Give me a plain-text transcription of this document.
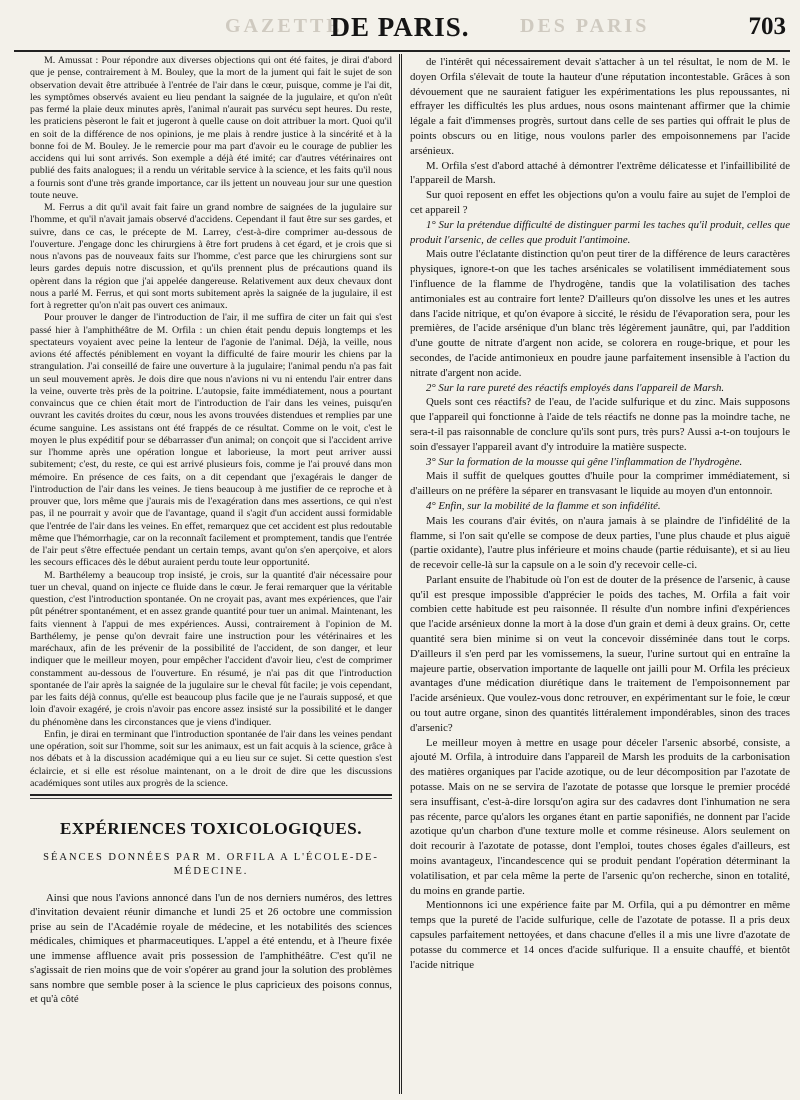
GAZETTE	DES PARIS
DE PARIS.	703

M. Amussat : Pour répondre aux diverses objections qui ont été faites, je dirai d'abord que je pense, contrairement à M. Bouley, que la mort de la jument qui fait le sujet de son observation devait être attribuée à l'entrée de l'air dans le cœur, puisque, comme je l'ai dit, les symptômes observés avaient eu lieu pendant la saignée de la jugulaire, et qu'on n'eût pas fermé la plaie deux minutes après, l'animal n'aurait pas survécu sept heures. Du reste, les praticiens pèseront le fait et jugeront à quelle cause on doit attribuer la mort. Quoi qu'il en soit de la différence de nos opinions, je me plais à rendre justice à la sincérité et à la bonne foi de M. Bouley. Je le remercie pour ma part d'avoir eu le courage de publier les accidens qui lui sont arrivés. Son exemple a déjà été imité; car d'autres vétérinaires ont publié des faits analogues; il a rendu un véritable service à la science, et les faits qu'il nous a fournis sont d'une très grande importance, car ils jettent un nouveau jour sur une question toute neuve.

M. Ferrus a dit qu'il avait fait faire un grand nombre de saignées de la jugulaire sur l'homme, et qu'il n'avait jamais observé d'accidens. Cependant il faut être sur ses gardes, et suivre, dans ce cas, le précepte de M. Larrey, c'est-à-dire comprimer au-dessous de l'ouverture. J'engage donc les chirurgiens à être fort prudens à cet égard, et je crois que si nous n'avons pas de nouveaux faits sur l'homme, c'est parce que les chirurgiens sont sur leurs gardes depuis notre discussion, et qu'ils prennent plus de précautions quand ils opèrent dans la région que j'ai appelée dangereuse. Relativement aux deux chevaux dont nous a parlé M. Ferrus, et qui sont morts subitement après la saignée de la jugulaire, il est fort à regretter qu'on n'ait pas ouvert ces animaux.

Pour prouver le danger de l'introduction de l'air, il me suffira de citer un fait qui s'est passé hier à l'amphithéâtre de M. Orfila : un chien était pendu depuis longtemps et les spectateurs voyaient avec peine la lenteur de l'agonie de l'animal. Déjà, la veille, nous avions été affectés péniblement en voyant la difficulté de faire mourir les chiens par la strangulation. J'ai conseillé de faire une ouverture à la jugulaire; l'animal pendu n'a pas fait un seul mouvement après. Je dois dire que nous n'avions ni vu ni entendu l'air entrer dans la veine, ouverte très près de la poitrine. L'autopsie, faite immédiatement, nous a pourtant convaincus que ce chien était mort de l'introduction de l'air dans les veines, puisqu'en ouvrant les cavités droites du cœur, nous les avons trouvées distendues et remplies par une écume sanguine. Les assistans ont été frappés de ce résultat. Comme on le voit, c'est le moyen le plus expéditif pour se débarrasser d'un animal; on conçoit que si l'accident arrive sur l'homme après une opération longue et laborieuse, la mort peut arriver aussi subitement; c'est, du reste, ce qui est arrivé plusieurs fois, comme je l'ai prouvé dans mon mémoire. En présence de ces faits, on a dit cependant que j'exagérais le danger de l'introduction de l'air dans les veines. Je tiens beaucoup à me justifier de ce reproche et à prouver que, lors même que j'aurais mis de l'exagération dans mes assertions, ce qui n'est pas, il ne pourrait y avoir que de l'avantage, quand il s'agit d'un accident aussi formidable que l'entrée de l'air dans les veines. En effet, remarquez que cet accident est plus redoutable même que l'hémorrhagie, car on la reconnaît facilement et promptement, tandis que l'entrée de l'air peut s'être effectuée pendant un certain temps, avant qu'on s'en aperçoive, et alors les secours efficaces dès le début auraient perdu toute leur opportunité.

M. Barthélemy a beaucoup trop insisté, je crois, sur la quantité d'air nécessaire pour tuer un cheval, quand on injecte ce fluide dans le cœur. Je ferai remarquer que la véritable question, c'est l'introduction spontanée. On ne croyait pas, avant mes expériences, que l'air pût pénétrer spontanément, et en assez grande quantité pour tuer un animal. Maintenant, les faits viennent à l'appui de mes expériences. Aussi, contrairement à l'opinion de M. Barthélemy, je pense qu'on devrait faire une instruction pour les vétérinaires et les maréchaux, afin de les prévenir de la possibilité de l'accident, de son danger, et leur indiquer que le meilleur moyen, pour empêcher l'accident d'avoir lieu, c'est de comprimer constamment au-dessous de l'ouverture. En résumé, je n'ai pas dit que l'introduction spontanée de l'air après la saignée de la jugulaire sur le cheval fût facile; je vois cependant, par les faits déjà connus, qu'elle est beaucoup plus facile que je ne l'aurais supposé, et que loin d'avoir exagéré, je crois n'avoir pas encore assez insisté sur la possibilité et le danger du phénomène dans les circonstances que je viens d'indiquer.

Enfin, je dirai en terminant que l'introduction spontanée de l'air dans les veines pendant une opération, soit sur l'homme, soit sur les animaux, est un fait acquis à la science, grâce à nos débats et à la discussion académique qui a eu lieu sur ce sujet. Si cette question s'est éclaircie, et si elle est résolue maintenant, on a le droit de dire que les discussions académiques sont utiles aux progrès de la science.

EXPÉRIENCES TOXICOLOGIQUES.
SÉANCES DONNÉES PAR M. ORFILA A L'ÉCOLE-DE-MÉDECINE.

Ainsi que nous l'avions annoncé dans l'un de nos derniers numéros, des lettres d'invitation devaient réunir dimanche et lundi 25 et 26 octobre une commission prise au sein de l'Académie royale de médecine, et les notabilités des sciences médicales, chimiques et pharmaceutiques. L'appel a été entendu, et à l'heure fixée une immense affluence avait pris possession de l'amphithéâtre. C'est qu'il ne s'agissait de rien moins que de voir s'opérer au grand jour la solution des problèmes sans nombre que semble poser à la science le plus capricieux des poisons connus, et qu'à côté

de l'intérêt qui nécessairement devait s'attacher à un tel résultat, le nom de M. le doyen Orfila s'élevait de toute la hauteur d'une réputation incontestable. Grâces à son dévouement que ne sauraient fatiguer les expérimentations les plus repoussantes, ni effrayer les difficultés les plus ardues, nous osons maintenant affirmer que la chimie légale a fait d'immenses progrès, surtout dans celle de ses parties qui offrait le plus de points obscurs ou en litige, nous voulons parler des empoisonnemens par l'acide arsénieux.

M. Orfila s'est d'abord attaché à démontrer l'extrême délicatesse et l'infaillibilité de l'appareil de Marsh.

Sur quoi reposent en effet les objections qu'on a voulu faire au sujet de l'emploi de cet appareil ?

1° Sur la prétendue difficulté de distinguer parmi les taches qu'il produit, celles que produit l'arsenic, de celles que produit l'antimoine.

Mais outre l'éclatante distinction qu'on peut tirer de la différence de leurs caractères physiques, ignore-t-on que les taches arsénicales se volatilisent immédiatement sous l'influence de la flamme de l'hydrogène, tandis que la volatilisation des taches antimoniales est au contraire fort lente? D'ailleurs qu'on dissolve les unes et les autres dans l'acide nitrique, et qu'on évapore à siccité, le résidu de l'évaporation sera, pour les premières, de l'acide arsénique d'un blanc très légèrement jaunâtre, qui, par l'addition d'une goutte de nitrate d'argent non acide, se colorera en rouge-brique, et pour les secondes, de l'acide antimonieux en poudre jaune parfaitement insensible à l'action du nitrate d'argent non acide.

2° Sur la rare pureté des réactifs employés dans l'appareil de Marsh.

Quels sont ces réactifs? de l'eau, de l'acide sulfurique et du zinc. Mais supposons que l'appareil qui fonctionne à l'aide de tels réactifs ne donne pas la moindre tache, ne sera-t-il pas raisonnable de conclure qu'ils sont purs, très purs? Aussi a-t-on toujours le soin d'essayer l'appareil avant d'y introduire la matière suspecte.

3° Sur la formation de la mousse qui gêne l'inflammation de l'hydrogène.

Mais il suffit de quelques gouttes d'huile pour la comprimer immédiatement, si d'ailleurs on ne préfère la séparer en transvasant le liquide au moyen d'un entonnoir.

4° Enfin, sur la mobilité de la flamme et son infidélité.

Mais les courans d'air évités, on n'aura jamais à se plaindre de l'infidélité de la flamme, si l'on sait qu'elle se compose de deux parties, l'une plus chaude et plus aiguë (partie oxidante), l'autre plus inférieure et moins chaude (partie réduisante), et si au lieu de recevoir celle-là sur la capsule on a le soin d'y recevoir celle-ci.

Parlant ensuite de l'habitude où l'on est de douter de la présence de l'arsenic, à cause qu'il est presque impossible d'apprécier le poids des taches, M. Orfila a fait voir combien cette habitude est peu raisonnée. Il résulte d'un nombre infini d'expériences que l'acide arsénieux donne la mort à la dose d'un grain et demi à deux grains. Or, cette quantité sera bien minime si on veut la concevoir disséminée dans tout le corps. D'ailleurs il s'en perd par les vomissemens, la sueur, l'urine surtout qui en entraîne la majeure partie, observation importante de laquelle ont jailli pour M. Orfila les précieux avantages d'une médication diurétique dans le traitement de l'empoisonnement par l'acide arsénieux. Que voulez-vous donc retrouver, en expérimentant sur le foie, le cœur ou tout autre organe, sinon des quantités littéralement impondérables, sinon des traces d'arsenic?

Le meilleur moyen à mettre en usage pour déceler l'arsenic absorbé, consiste, a ajouté M. Orfila, à introduire dans l'appareil de Marsh les produits de la carbonisation des matières organiques par l'acide azotique, ou de leur décomposition par l'azotate de potasse. Mais on ne se servira de l'azotate de potasse que lorsque le premier procédé sera insuffisant, c'est-à-dire lorsqu'on agira sur des cadavres dont l'inhumation ne sera pas récente, parce qu'alors les organes étant en partie saponifiés, ne donnent par l'acide azotique qu'un charbon d'une texture molle et comme résineuse. Alors seulement on doit recourir à l'azotate de potasse, dont l'emploi, toutes choses égales d'ailleurs, est moins avantageux, l'incandescence qui se produit pendant l'opération déterminant la volatilisation, et par cela même la perte de l'arsenic qu'on recherche, sinon en totalité, du moins en grande partie.

Mentionnons ici une expérience faite par M. Orfila, qui a pu démontrer en même temps que la pureté de l'acide sulfurique, celle de l'azotate de potasse. Il a pris deux capsules parfaitement nettoyées, et dans chacune d'elles il a mis une livre d'azotate de potasse du commerce et 14 onces d'acide sulfurique. Il a ensuite chauffé, et bientôt l'acide nitrique
